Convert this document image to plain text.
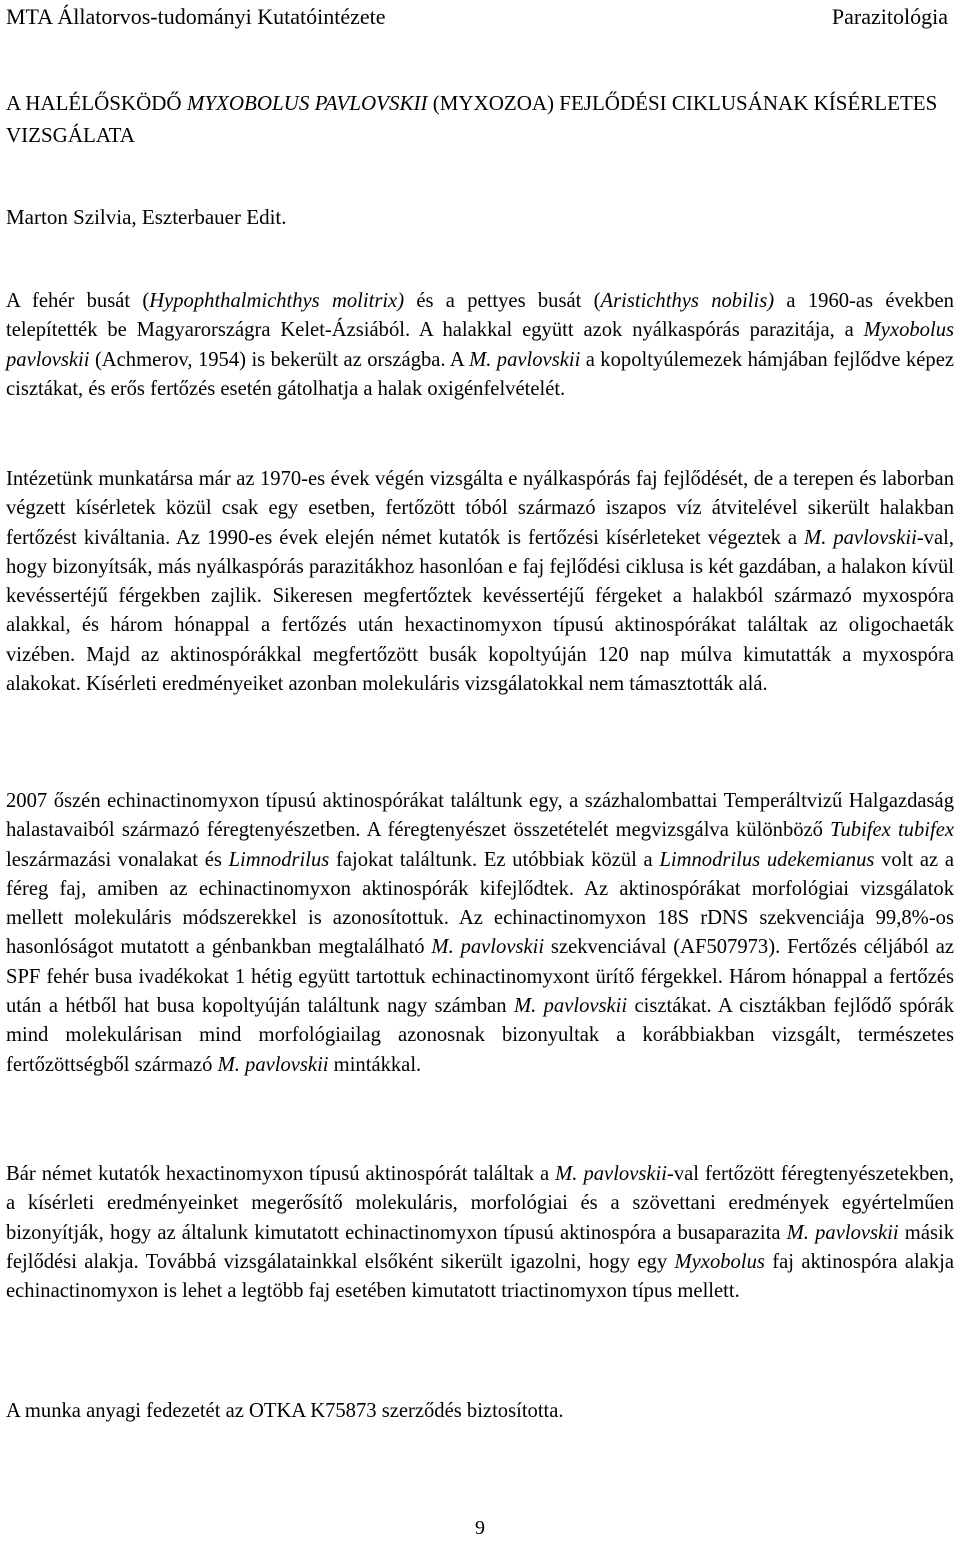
MTA Állatorvos-tudományi Kutatóintézete	Parazitológia
A HALÉLŐSKÖDŐ MYXOBOLUS PAVLOVSKII (MYXOZOA) FEJLŐDÉSI CIKLUSÁNAK KÍSÉRLETES VIZSGÁLATA
Marton Szilvia, Eszterbauer Edit.

A fehér busát (Hypophthalmichthys molitrix) és a pettyes busát (Aristichthys nobilis) a 1960-as években telepítették be Magyarországra Kelet-Ázsiából. A halakkal együtt azok nyálkaspórás parazitája, a Myxobolus pavlovskii (Achmerov, 1954) is bekerült az országba. A M. pavlovskii a kopoltyúlemezek hámjában fejlődve képez cisztákat, és erős fertőzés esetén gátolhatja a halak oxigénfelvételét.

Intézetünk munkatársa már az 1970-es évek végén vizsgálta e nyálkaspórás faj fejlődését, de a terepen és laborban végzett kísérletek közül csak egy esetben, fertőzött tóból származó iszapos víz átvitelével sikerült halakban fertőzést kiváltania. Az 1990-es évek elején német kutatók is fertőzési kísérleteket végeztek a M. pavlovskii-val, hogy bizonyítsák, más nyálkaspórás parazitákhoz hasonlóan e faj fejlődési ciklusa is két gazdában, a halakon kívül kevéssertéjű férgekben zajlik. Sikeresen megfertőztek kevéssertéjű férgeket a halakból származó myxospóra alakkal, és három hónappal a fertőzés után hexactinomyxon típusú aktinospórákat találtak az oligochaeták vizében. Majd az aktinospórákkal megfertőzött busák kopoltyúján 120 nap múlva kimutatták a myxospóra alakokat. Kísérleti eredményeiket azonban molekuláris vizsgálatokkal nem támasztották alá.

2007 őszén echinactinomyxon típusú aktinospórákat találtunk egy, a százhalombattai Temperáltvizű Halgazdaság halastavaiból származó féregtenyészetben. A féregtenyészet összetételét megvizsgálva különböző Tubifex tubifex leszármazási vonalakat és Limnodrilus fajokat találtunk. Ez utóbbiak közül a Limnodrilus udekemianus volt az a féreg faj, amiben az echinactinomyxon aktinospórák kifejlődtek. Az aktinospórákat morfológiai vizsgálatok mellett molekuláris módszerekkel is azonosítottuk. Az echinactinomyxon 18S rDNS szekvenciája 99,8%-os hasonlóságot mutatott a génbankban megtalálható M. pavlovskii szekvenciával (AF507973). Fertőzés céljából az SPF fehér busa ivadékokat 1 hétig együtt tartottuk echinactinomyxont ürítő férgekkel. Három hónappal a fertőzés után a hétből hat busa kopoltyúján találtunk nagy számban M. pavlovskii cisztákat. A cisztákban fejlődő spórák mind molekulárisan mind morfológiailag azonosnak bizonyultak a korábbiakban vizsgált, természetes fertőzöttségből származó M. pavlovskii mintákkal.

Bár német kutatók hexactinomyxon típusú aktinospórát találtak a M. pavlovskii-val fertőzött féregtenyészetekben, a kísérleti eredményeinket megerősítő molekuláris, morfológiai és a szövettani eredmények egyértelműen bizonyítják, hogy az általunk kimutatott echinactinomyxon típusú aktinospóra a busaparazita M. pavlovskii másik fejlődési alakja. Továbbá vizsgálatainkkal elsőként sikerült igazolni, hogy egy Myxobolus faj aktinospóra alakja echinactinomyxon is lehet a legtöbb faj esetében kimutatott triactinomyxon típus mellett.

A munka anyagi fedezetét az OTKA K75873 szerződés biztosította.

9
